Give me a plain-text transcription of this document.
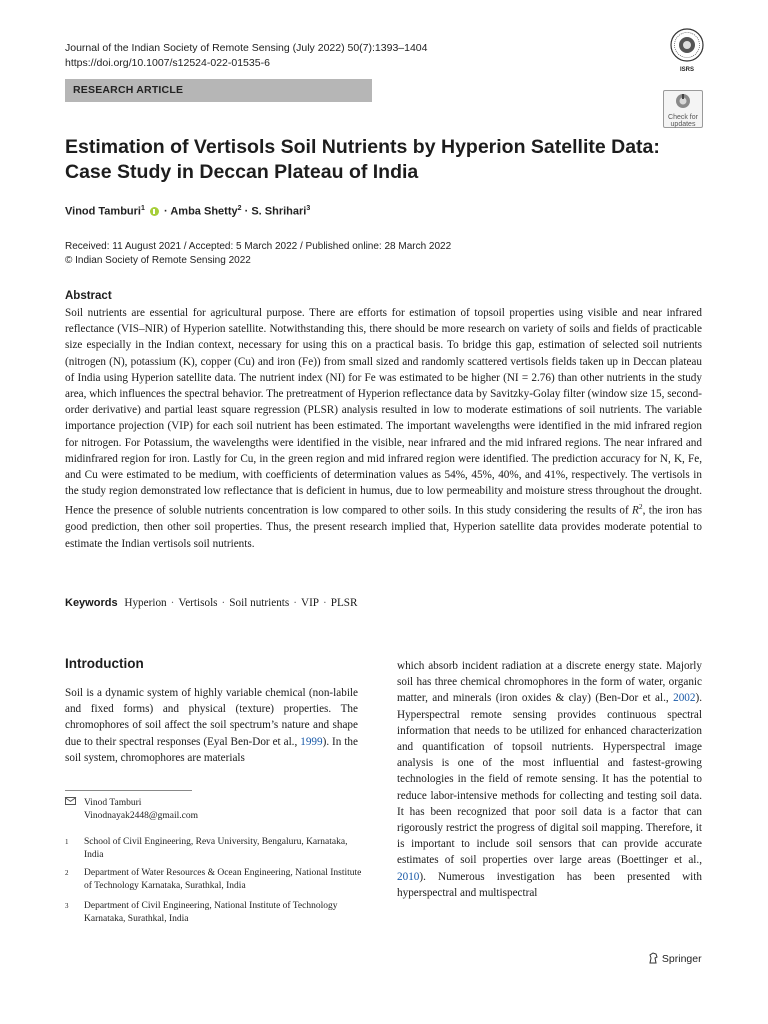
Journal of the Indian Society of Remote Sensing (July 2022) 50(7):1393–1404
https://doi.org/10.1007/s12524-022-01535-6
ISRS
RESEARCH ARTICLE
Check for
updates
Estimation of Vertisols Soil Nutrients by Hyperion Satellite Data: Case Study in Deccan Plateau of India
Vinod Tamburi$^1$ · Amba Shetty$^2$ · S. Shrihari$^3$
Received: 11 August 2021 / Accepted: 5 March 2022 / Published online: 28 March 2022
© Indian Society of Remote Sensing 2022
Abstract
Soil nutrients are essential for agricultural purpose. There are efforts for estimation of topsoil properties using visible and near infrared reflectance (VIS–NIR) of Hyperion satellite. Notwithstanding this, there should be more research on variety of soils and fields of practicable size especially in the Indian context, necessary for using this on a practical basis. To bridge this gap, estimation of selected soil nutrients (nitrogen (N), potassium (K), copper (Cu) and iron (Fe)) from small sized and randomly scattered vertisols fields taken up in Deccan plateau of India using Hyperion satellite data. The nutrient index (NI) for Fe was estimated to be higher (NI = 2.76) than other nutrients in the study area, which influences the spectral behavior. The pretreatment of Hyperion reflectance data by Savitzky-Golay filter (window size 15, second-order derivative) and partial least square regression (PLSR) analysis resulted in low to moderate estimations of soil nutrients. The variable importance projection (VIP) for each soil nutrient has been estimated. The important wavelengths were identified in the mid infrared region for nitrogen. For Potassium, the wavelengths were identified in the visible, near infrared and the mid infrared regions. The near infrared and midinfrared region for iron. Lastly for Cu, in the green region and mid infrared region were identified. The prediction accuracy for N, K, Fe, and Cu were estimated to be medium, with coefficients of determination values as 54%, 45%, 40%, and 41%, respectively. The vertisols in the study region demonstrated low reflectance that is deficient in humus, due to low permeability and moisture stress throughout the drought. Hence the presence of soluble nutrients concentration is low compared to other soils. In this study considering the results of $R^2$, the iron has good prediction, then other soil properties. Thus, the present research implied that, Hyperion satellite data provides moderate potential to estimate the Indian vertisols soil nutrients.
Keywords Hyperion · Vertisols · Soil nutrients · VIP · PLSR
Introduction
Soil is a dynamic system of highly variable chemical (non-labile and fixed forms) and physical (texture) properties. The chromophores of soil affect the soil spectrum’s nature and shape due to their spectral responses (Eyal Ben-Dor et al., 1999). In the soil system, chromophores are materials
which absorb incident radiation at a discrete energy state. Majorly soil has three chemical chromophores in the form of water, organic matter, and minerals (iron oxides & clay) (Ben-Dor et al., 2002). Hyperspectral remote sensing provides continuous spectral information that needs to be utilized for enhanced characterization and quantification of topsoil nutrients. Hyperspectral image analysis is one of the most influential and fastest-growing technologies in the field of remote sensing. It has the potential to reduce labor-intensive methods for collecting and testing soil data. It has been recognized that poor soil data is a factor that can rigorously restrict the progress of digital soil mapping. Therefore, it is important to include soil sensors that can provide accurate estimates of soil properties over large areas (Boettinger et al., 2010). Numerous investigation has been presented with hyperspectral and multispectral
Vinod Tamburi
Vinodnayak2448@gmail.com
$^1$ School of Civil Engineering, Reva University, Bengaluru, Karnataka, India
$^2$ Department of Water Resources & Ocean Engineering, National Institute of Technology Karnataka, Surathkal, India
$^3$ Department of Civil Engineering, National Institute of Technology Karnataka, Surathkal, India
Springer
